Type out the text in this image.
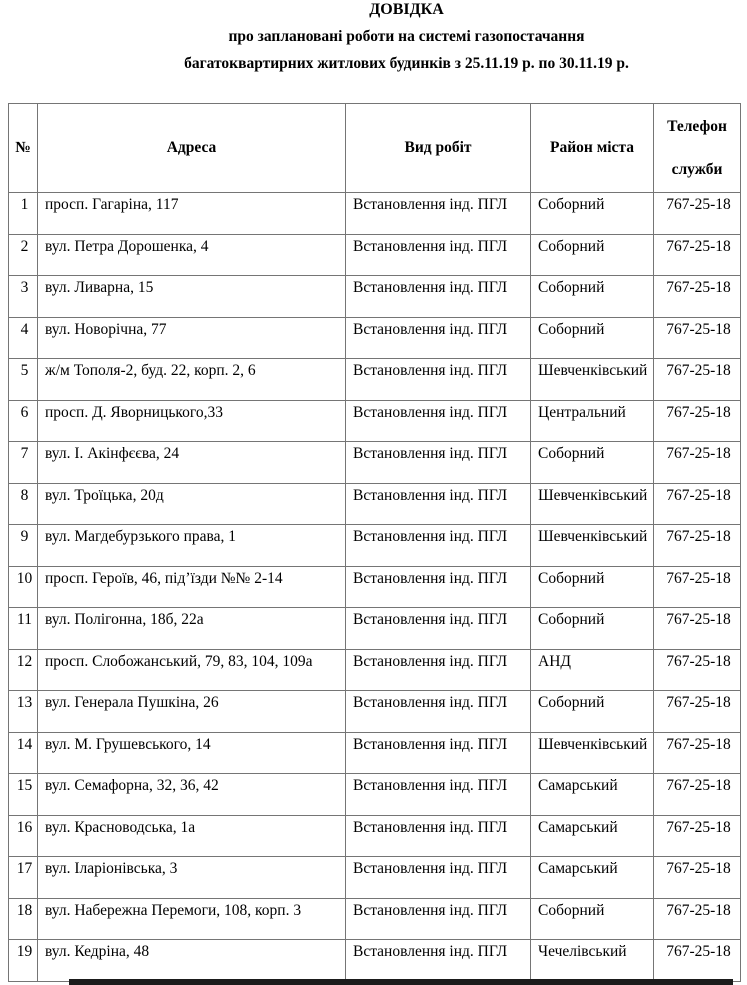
ДОВІДКА
про заплановані роботи на системі газопостачання
багатоквартирних житлових будинків з 25.11.19 р. по 30.11.19 р.
№	Адреса	Вид робіт	Район міста	Телефон
служби

1	просп. Гагаріна, 117	Встановлення інд. ПГЛ	Соборний	767-25-18
2	вул. Петра Дорошенка, 4	Встановлення інд. ПГЛ	Соборний	767-25-18
3	вул. Ливарна, 15	Встановлення інд. ПГЛ	Соборний	767-25-18
4	вул. Новорічна, 77	Встановлення інд. ПГЛ	Соборний	767-25-18
5	ж/м Тополя-2, буд. 22, корп. 2, 6	Встановлення інд. ПГЛ	Шевченківський	767-25-18
6	просп. Д. Яворницького,33	Встановлення інд. ПГЛ	Центральний	767-25-18
7	вул. І. Акінфєєва, 24	Встановлення інд. ПГЛ	Соборний	767-25-18
8	вул. Троїцька, 20д	Встановлення інд. ПГЛ	Шевченківський	767-25-18
9	вул. Магдебурзького права, 1	Встановлення інд. ПГЛ	Шевченківський	767-25-18
10	просп. Героїв, 46, під’їзди №№ 2-14	Встановлення інд. ПГЛ	Соборний	767-25-18
11	вул. Полігонна, 18б, 22а	Встановлення інд. ПГЛ	Соборний	767-25-18
12	просп. Слобожанський, 79, 83, 104, 109а	Встановлення інд. ПГЛ	АНД	767-25-18
13	вул. Генерала Пушкіна, 26	Встановлення інд. ПГЛ	Соборний	767-25-18
14	вул. М. Грушевського, 14	Встановлення інд. ПГЛ	Шевченківський	767-25-18
15	вул. Семафорна, 32, 36, 42	Встановлення інд. ПГЛ	Самарський	767-25-18
16	вул. Красноводська, 1а	Встановлення інд. ПГЛ	Самарський	767-25-18
17	вул. Іларіонівська, 3	Встановлення інд. ПГЛ	Самарський	767-25-18
18	вул. Набережна Перемоги, 108, корп. 3	Встановлення інд. ПГЛ	Соборний	767-25-18
19	вул. Кедріна, 48	Встановлення інд. ПГЛ	Чечелівський	767-25-18
